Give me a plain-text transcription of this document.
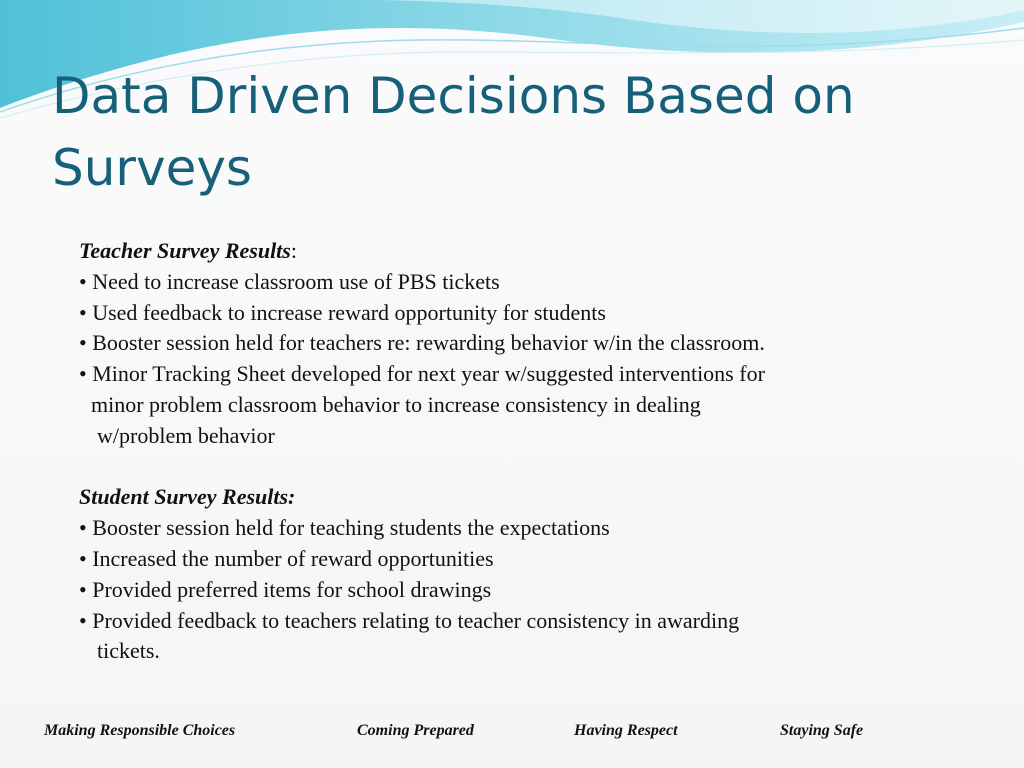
Data Driven Decisions Based on Surveys
Teacher Survey Results:
• Need to increase classroom use of PBS tickets
• Used feedback to increase reward opportunity for students
• Booster session held for teachers re: rewarding behavior w/in the classroom.
• Minor Tracking Sheet developed for next year w/suggested interventions for
minor problem classroom behavior to increase consistency in dealing
w/problem behavior
Student Survey Results:
• Booster session held for teaching students the expectations
• Increased the number of reward opportunities
• Provided preferred items for school drawings
• Provided feedback to teachers relating to teacher consistency in awarding
tickets.
Making Responsible Choices	Coming Prepared	Having Respect	Staying Safe
